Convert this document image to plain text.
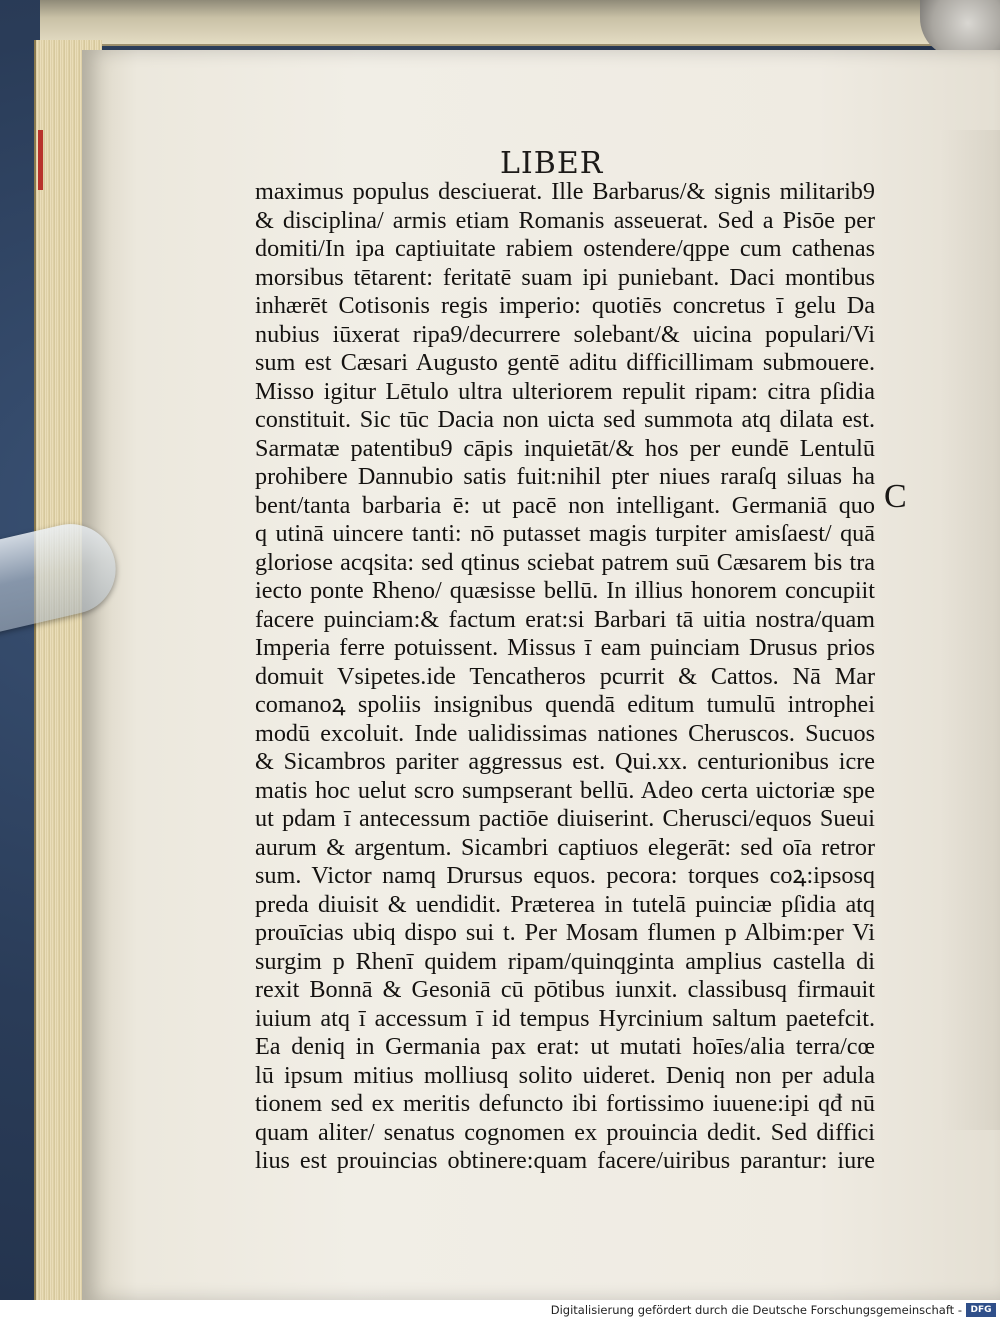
LIBER
maximus populus desciuerat. Ille Barbarus/& signis militarib9
& disciplina/ armis etiam Romanis asseuerat. Sed a Pisōe per
domiti/In ipa captiuitate rabiem ostendere/qppe cum cathenas
morsibus tētarent: feritatē suam ipi puniebant. Daci montibus
inhærēt Cotisonis regis imperio: quotiēs concretus ī gelu Da
nubius iūxerat ripa9/decurrere solebant/& uicina populari/Vi
sum est Cæsari Augusto gentē aditu difficillimam submouere.
Misso igitur Lētulo ultra ulteriorem repulit ripam: citra pſidia
constituit. Sic tūc Dacia non uicta sed summota atq dilata est.
Sarmatæ patentibu9 cāpis inquietāt/& hos per eundē Lentulū
prohibere Dannubio satis fuit:nihil pter niues raraſq siluas ha
bent/tanta barbaria ē: ut pacē non intelligant. Germaniā quo
q utinā uincere tanti: nō putasset magis turpiter amisſaest/ quā
gloriose acqsita: sed qtinus sciebat patrem suū Cæsarem bis tra
iecto ponte Rheno/ quæsisse bellū. In illius honorem concupiit
facere puinciam:& factum erat:si Barbari tā uitia nostra/quam
Imperia ferre potuissent. Missus ī eam puinciam Drusus prios
domuit Vsipetes.ide Tencatheros pcurrit & Cattos. Nā Mar
comanoꝝ spoliis insignibus quendā editum tumulū introphei
modū excoluit. Inde ualidissimas nationes Cheruscos. Sucuos
& Sicambros pariter aggressus est. Qui.xx. centurionibus icre
matis hoc uelut scro sumpserant bellū. Adeo certa uictoriæ spe
ut pdam ī antecessum pactiōe diuiserint. Cherusci/equos Sueui
aurum & argentum. Sicambri captiuos elegerāt: sed oīa retror
sum. Victor namq Drursus equos. pecora: torques coꝝ:ipsosq
preda diuisit & uendidit. Præterea in tutelā puinciæ pſidia atq
prouīcias ubiq dispo sui t. Per Mosam flumen p Albim:per Vi
surgim p Rhenī quidem ripam/quinqginta amplius castella di
rexit Bonnā & Gesoniā cū pōtibus iunxit. classibusq firmauit
iuium atq ī accessum ī id tempus Hyrcinium saltum paetefcit.
Ea deniq in Germania pax erat: ut mutati hoīes/alia terra/cœ
lū ipsum mitius molliusq solito uideret. Deniq non per adula
tionem sed ex meritis defuncto ibi fortissimo iuuene:ipi qđ nū
quam aliter/ senatus cognomen ex prouincia dedit. Sed diffici
lius est prouincias obtinere:quam facere/uiribus parantur: iure
C
Digitalisierung gefördert durch die Deutsche Forschungsgemeinschaft - DFG
